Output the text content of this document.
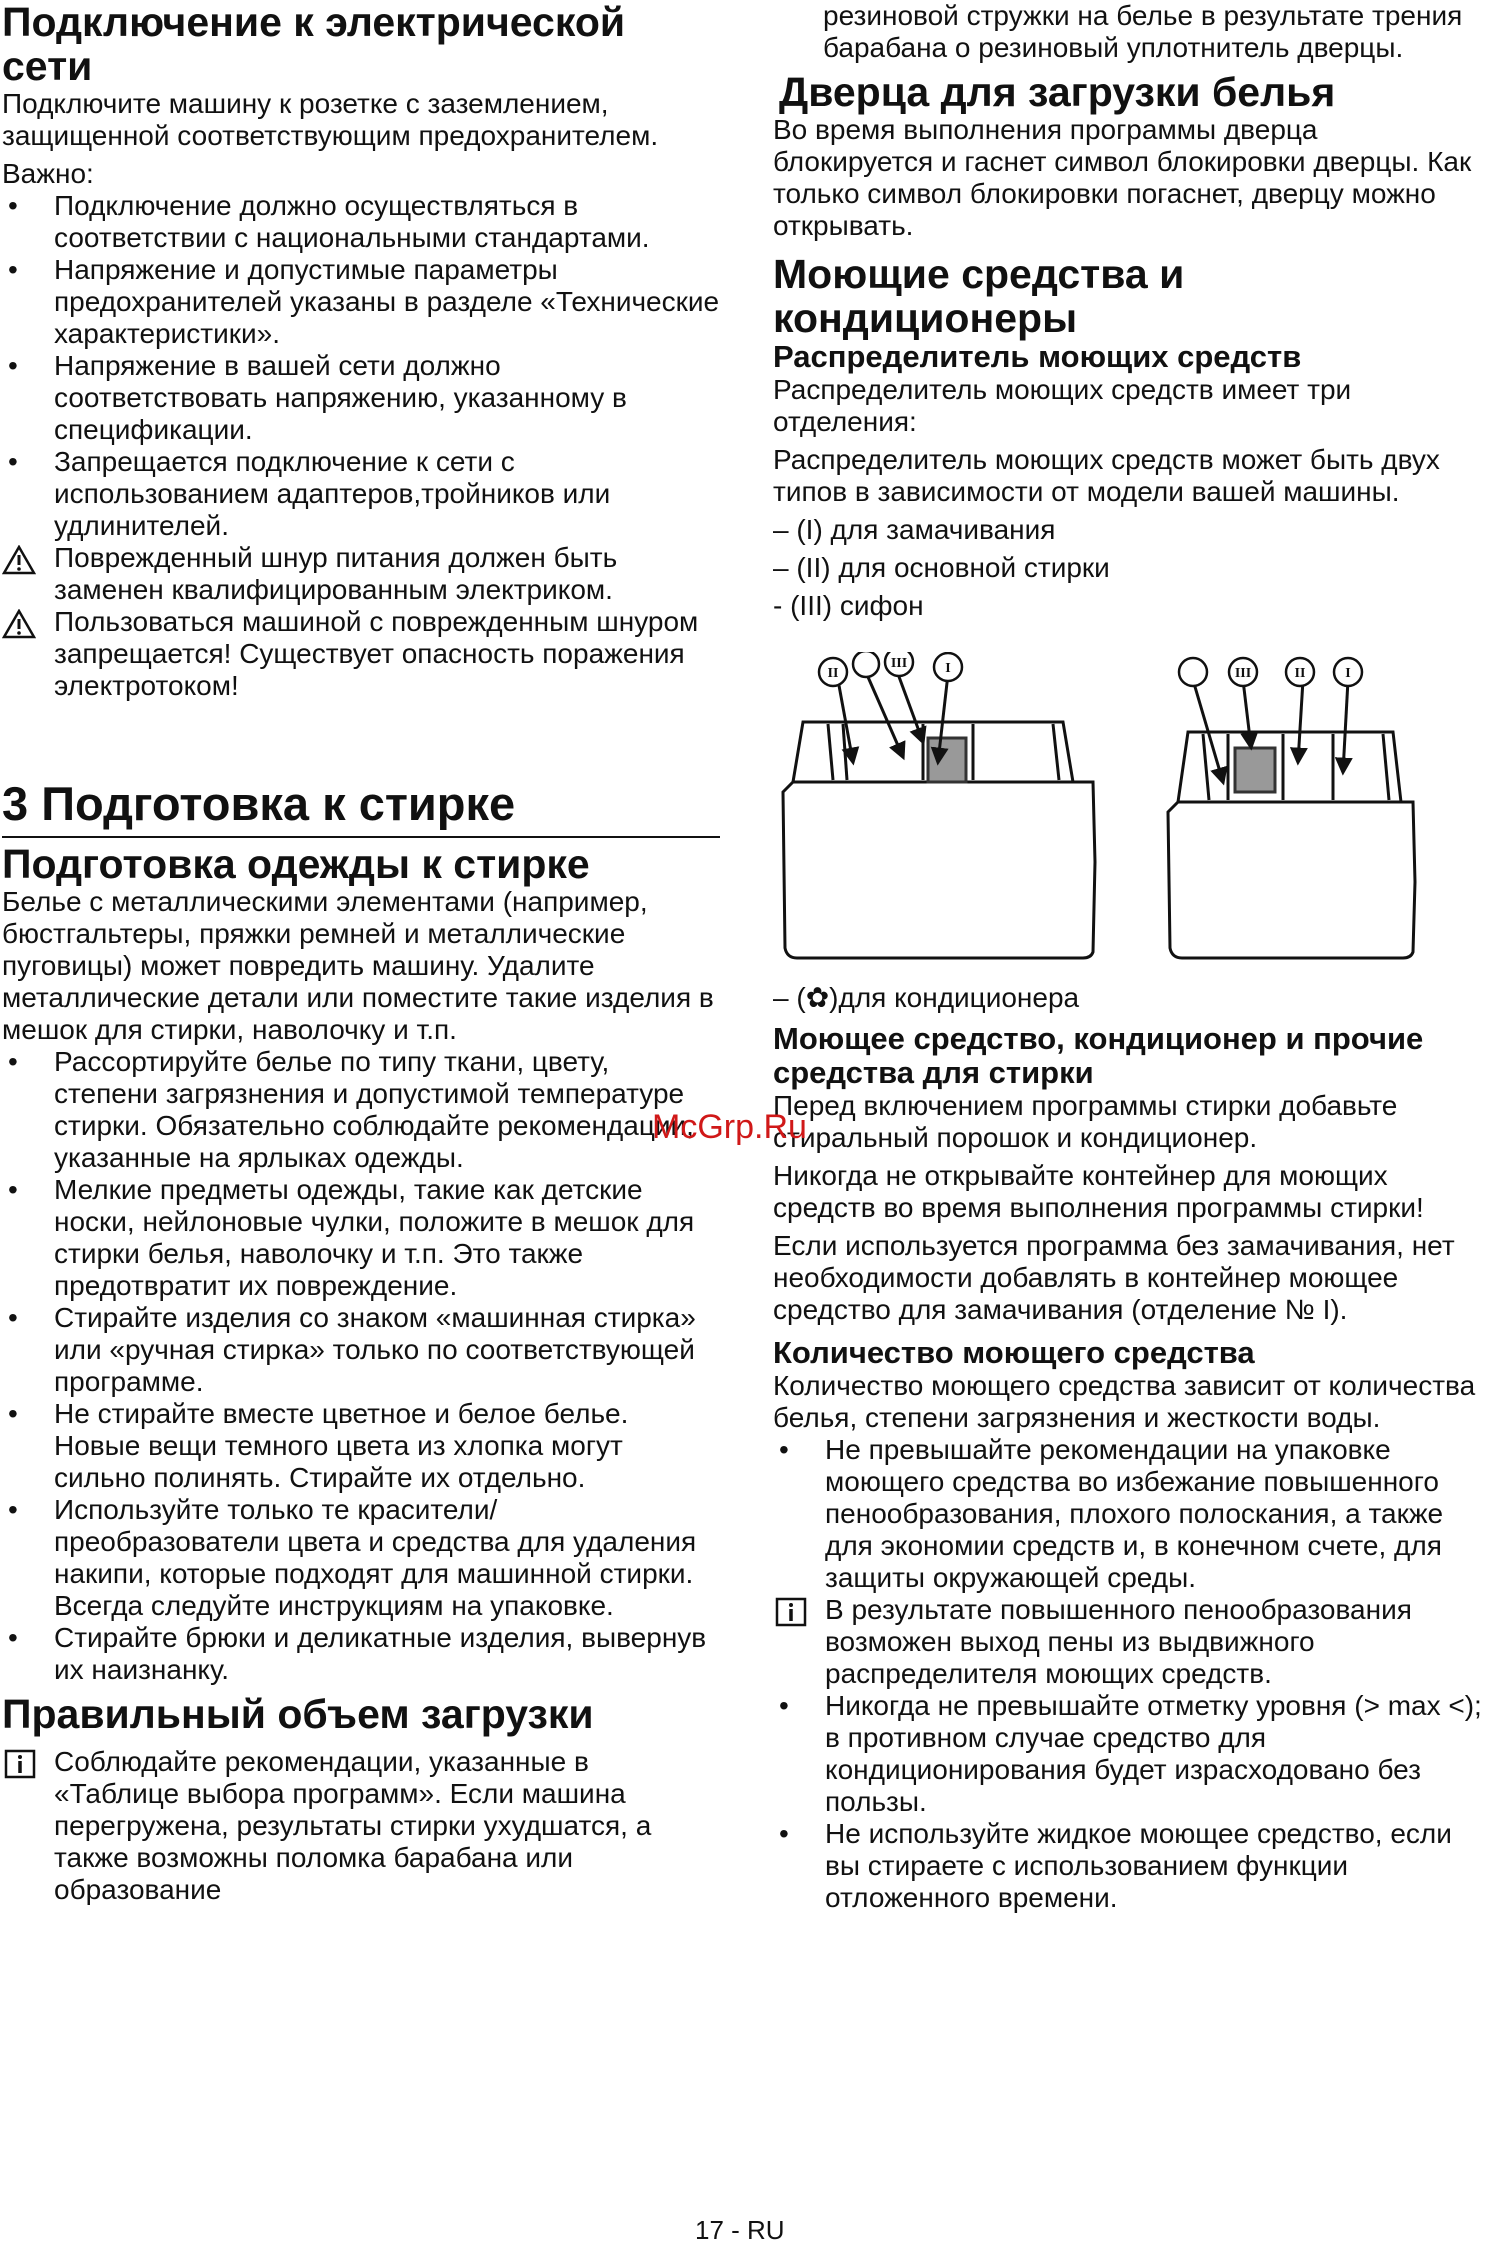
Подключение к электрической сети

Подключите машину к розетке с заземлением, защищенной соответствующим предохранителем.

Важно:

• Подключение должно осуществляться в соответствии с национальными стандартами.
• Напряжение и допустимые параметры предохранителей указаны в разделе «Технические характеристики».
• Напряжение в вашей сети должно соответствовать напряжению, указанному в спецификации.
• Запрещается подключение к сети с использованием адаптеров,тройников или удлинителей.
Поврежденный шнур питания должен быть заменен квалифицированным электриком.
Пользоваться машиной с поврежденным шнуром запрещается! Существует опасность поражения электротоком!
3 Подготовка к стирке
Подготовка одежды к стирке

Белье с металлическими элементами (например, бюстгальтеры, пряжки ремней и металлические пуговицы) может повредить машину. Удалите металлические детали или поместите такие изделия в мешок для стирки, наволочку и т.п.

• Рассортируйте белье по типу ткани, цвету, степени загрязнения и допустимой температуре стирки. Обязательно соблюдайте рекомендации, указанные на ярлыках одежды.
• Мелкие предметы одежды, такие как детские носки, нейлоновые чулки, положите в мешок для стирки белья, наволочку и т.п. Это также предотвратит их повреждение.
• Стирайте изделия со знаком «машинная стирка» или «ручная стирка» только по соответствующей программе.
• Не стирайте вместе цветное и белое белье. Новые вещи темного цвета из хлопка могут сильно полинять. Стирайте их отдельно.
• Используйте только те красители/преобразователи цвета и средства для удаления накипи, которые подходят для машинной стирки. Всегда следуйте инструкциям на упаковке.
• Стирайте брюки и деликатные изделия, вывернув их наизнанку.
Правильный объем загрузки
Соблюдайте рекомендации, указанные в «Таблице выбора программ». Если машина перегружена, результаты стирки ухудшатся, а также возможны поломка барабана или образование

резиновой стружки на белье в результате трения барабана о резиновый уплотнитель дверцы.

Дверца для загрузки белья

Во время выполнения программы дверца блокируется и гаснет символ блокировки дверцы. Как только символ блокировки погаснет, дверцу можно открывать.

Моющие средства и кондиционеры
Распределитель моющих средств

Распределитель моющих средств имеет три отделения:

Распределитель моющих средств может быть двух типов в зависимости от модели вашей машины.

– (I) для замачивания

– (II) для основной стирки

- (III) сифон

II
III	I	III	II	I

– (✿)для кондиционера

Моющее средство, кондиционер и прочие средства для стирки

Перед включением программы стирки добавьте стиральный порошок и кондиционер.

Никогда не открывайте контейнер для моющих средств во время выполнения программы стирки!

Если используется программа без замачивания, нет необходимости добавлять в контейнер моющее средство для замачивания (отделение № I).

Количество моющего средства

Количество моющего средства зависит от количества белья, степени загрязнения и жесткости воды.

• Не превышайте рекомендации на упаковке моющего средства во избежание повышенного пенообразования, плохого полоскания, а также для экономии средств и, в конечном счете, для защиты окружающей среды.
В результате повышенного пенообразования возможен выход пены из выдвижного распределителя моющих средств.
• Никогда не превышайте отметку уровня (> max <); в противном случае средство для кондиционирования будет израсходовано без пользы.
• Не используйте жидкое моющее средство, если вы стираете с использованием функции отложенного времени.
McGrp.Ru
17 - RU
